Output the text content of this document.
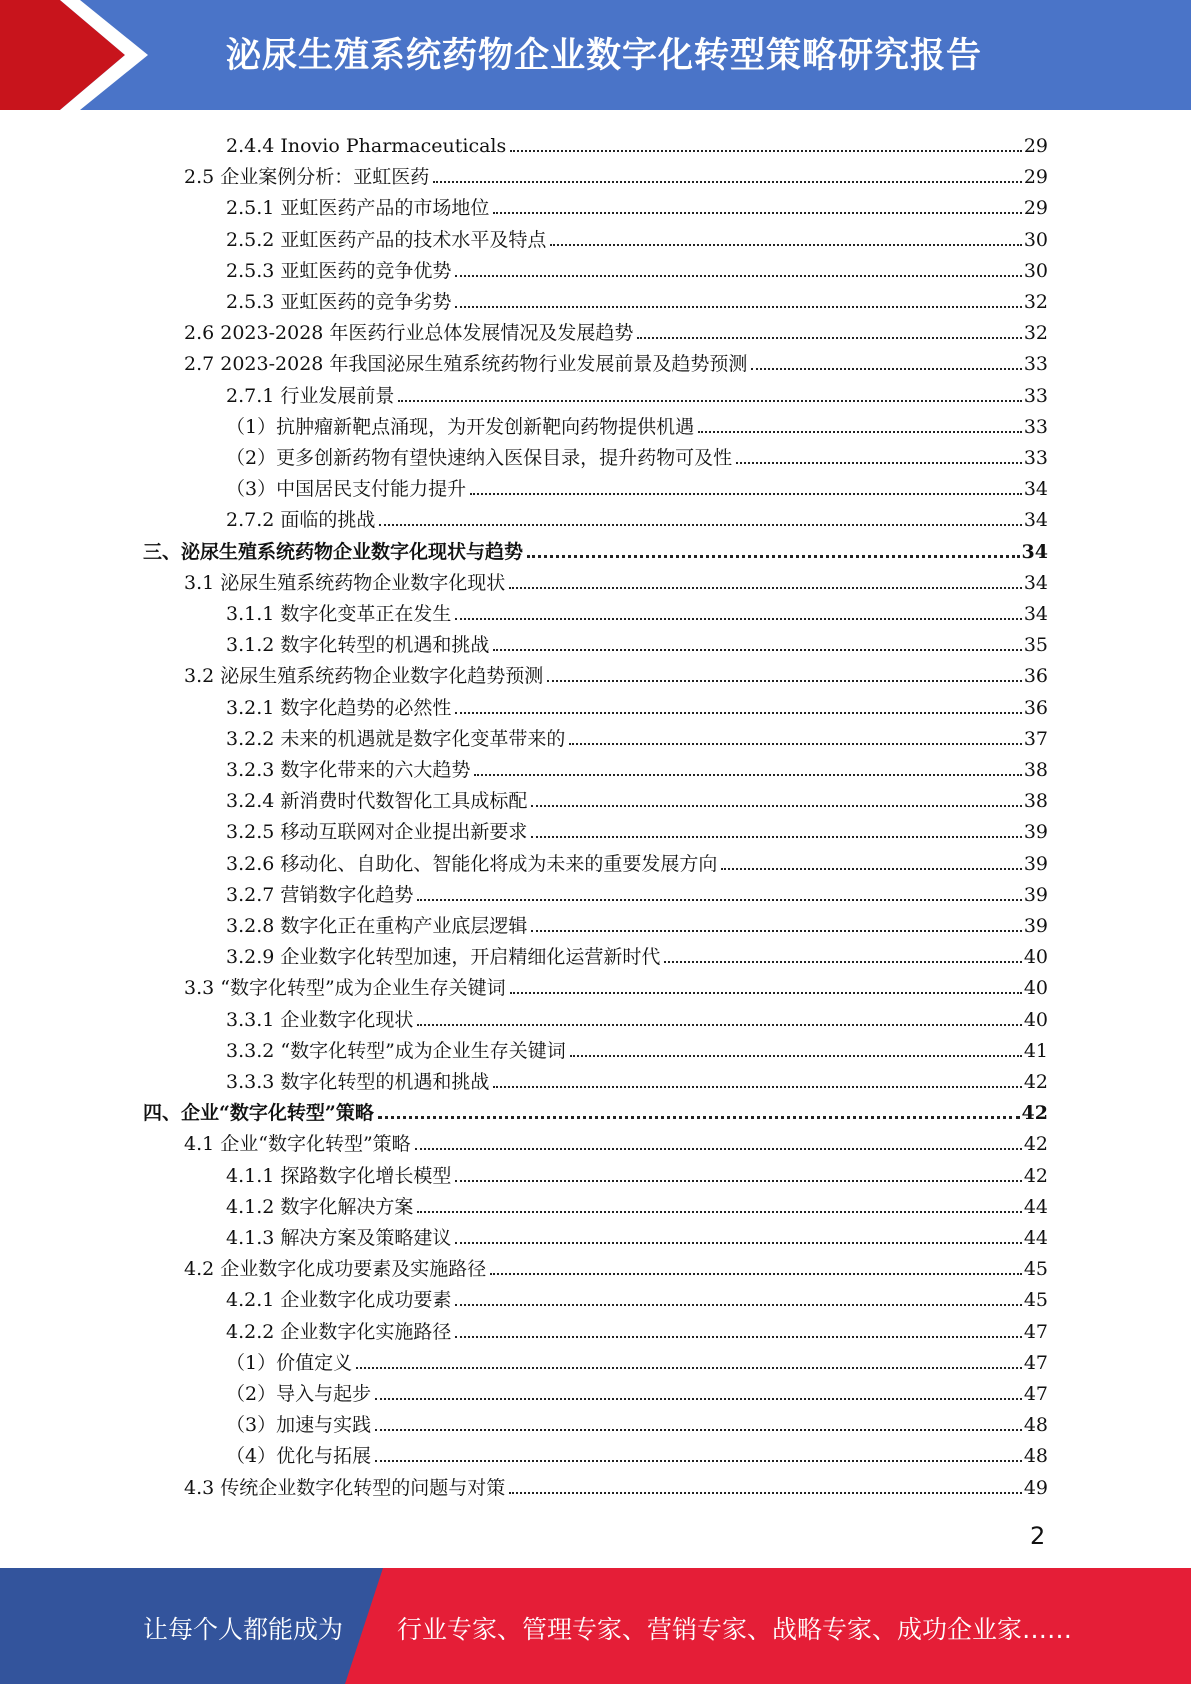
泌尿生殖系统药物企业数字化转型策略研究报告
2.4.4 Inovio Pharmaceuticals	29
2.5 企业案例分析：亚虹医药	29
2.5.1 亚虹医药产品的市场地位	29
2.5.2 亚虹医药产品的技术水平及特点	30
2.5.3 亚虹医药的竞争优势	30
2.5.3 亚虹医药的竞争劣势	32
2.6 2023-2028 年医药行业总体发展情况及发展趋势	32
2.7 2023-2028 年我国泌尿生殖系统药物行业发展前景及趋势预测	33
2.7.1 行业发展前景	33
（1）抗肿瘤新靶点涌现，为开发创新靶向药物提供机遇	33
（2）更多创新药物有望快速纳入医保目录，提升药物可及性	33
（3）中国居民支付能力提升	34
2.7.2 面临的挑战	34
三、泌尿生殖系统药物企业数字化现状与趋势	34
3.1 泌尿生殖系统药物企业数字化现状	34
3.1.1 数字化变革正在发生	34
3.1.2 数字化转型的机遇和挑战	35
3.2 泌尿生殖系统药物企业数字化趋势预测	36
3.2.1 数字化趋势的必然性	36
3.2.2 未来的机遇就是数字化变革带来的	37
3.2.3 数字化带来的六大趋势	38
3.2.4 新消费时代数智化工具成标配	38
3.2.5 移动互联网对企业提出新要求	39
3.2.6 移动化、自助化、智能化将成为未来的重要发展方向	39
3.2.7 营销数字化趋势	39
3.2.8 数字化正在重构产业底层逻辑	39
3.2.9 企业数字化转型加速，开启精细化运营新时代	40
3.3 “数字化转型”成为企业生存关键词	40
3.3.1 企业数字化现状	40
3.3.2 “数字化转型”成为企业生存关键词	41
3.3.3 数字化转型的机遇和挑战	42
四、企业“数字化转型”策略	42
4.1 企业“数字化转型”策略	42
4.1.1 探路数字化增长模型	42
4.1.2 数字化解决方案	44
4.1.3 解决方案及策略建议	44
4.2 企业数字化成功要素及实施路径	45
4.2.1 企业数字化成功要素	45
4.2.2 企业数字化实施路径	47
（1）价值定义	47
（2）导入与起步	47
（3）加速与实践	48
（4）优化与拓展	48
4.3 传统企业数字化转型的问题与对策	49
2
让每个人都能成为 行业专家、管理专家、营销专家、战略专家、成功企业家……
